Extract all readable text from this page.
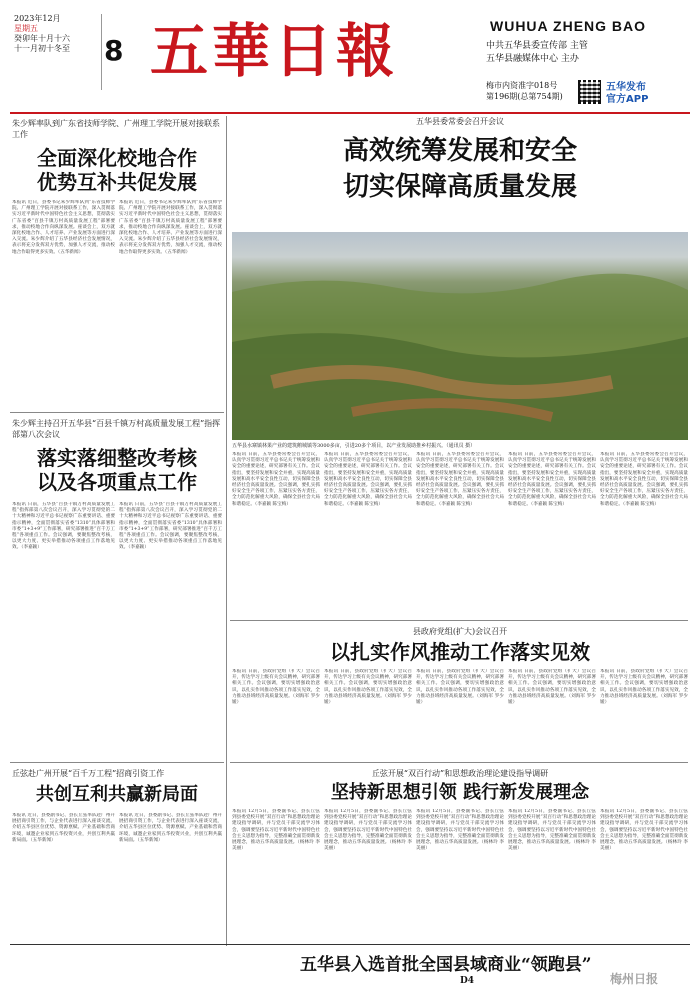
2023年12月
星期五
癸卯年十月十六
十一月初十冬至	8 五華日報	WUHUA ZHENG BAO
中共五华县委宣传部 主管
五华县融媒体中心 主办
梅市内资准字018号
第196期(总第754期)
五华发布
官方APP
朱少辉率队到广东省技师学院、广州理工学院开展对接联系工作
全面深化校地合作
优势互补共促发展
本报讯 近日，县委书记朱少辉率队到“东省技师学院、广州理工学院开展对接联系工作，深入贯彻落实习近平新时代中国特色社会主义思想，贯彻落实广东省委“百县千镇万村高质量发展工程”部署要求，推动校地合作向纵深发展。座谈会上，双方就深化校地合作、人才培养、产业发展等方面进行深入交流。朱少辉介绍了五华县经济社会发展情况，表示将充分发挥双方优势，加强人才交流，推动校地合作取得更多实效。（五华新闻）
本报讯 近日，县委书记朱少辉率队到“东省技师学院、广州理工学院开展对接联系工作，深入贯彻落实习近平新时代中国特色社会主义思想，贯彻落实广东省委“百县千镇万村高质量发展工程”部署要求，推动校地合作向纵深发展。座谈会上，双方就深化校地合作、人才培养、产业发展等方面进行深入交流。朱少辉介绍了五华县经济社会发展情况，表示将充分发挥双方优势，加强人才交流，推动校地合作取得更多实效。（五华新闻）
朱少辉主持召开五华县“百县千镇万村高质量发展工程”指挥部第八次会议
落实落细整改考核
以及各项重点工作
本报讯 日前，五华县“百县千镇万村高质量发展工程”指挥部第八次会议召开，深入学习贯彻党的二十大精神和习近平总书记视察广东重要讲话、重要指示精神，全面贯彻落实省委“1310”具体部署和市委“1+3+9”工作部署，研究部署推进“百千万工程”各项重点工作。会议强调，要聚焦整改考核，以更大力度、更实举措推动各项重点工作落地见效。（李嘉颖）
本报讯 日前，五华县“百县千镇万村高质量发展工程”指挥部第八次会议召开，深入学习贯彻党的二十大精神和习近平总书记视察广东重要讲话、重要指示精神，全面贯彻落实省委“1310”具体部署和市委“1+3+9”工作部署，研究部署推进“百千万工程”各项重点工作。会议强调，要聚焦整改考核，以更大力度、更实举措推动各项重点工作落地见效。（李嘉颖）
丘弦赴广州开展“百千万工程”招商引资工作
共创互利共赢新局面
本报讯 近日，县委副书记、县长丘弦率队赴广州开展招商引资工作，与企业代表进行深入座谈交流，介绍五华县区位优势、资源禀赋、产业基础和营商环境，诚邀企业家到五华投资兴业，共创互利共赢新局面。（五华新闻）
本报讯 近日，县委副书记、县长丘弦率队赴广州开展招商引资工作，与企业代表进行深入座谈交流，介绍五华县区位优势、资源禀赋、产业基础和营商环境，诚邀企业家到五华投资兴业，共创互利共赢新局面。（五华新闻）
五华县委常委会召开会议
高效统筹发展和安全
切实保障高质量发展
五华县水寨镇林果产业的建筑鹅城镇等3000多亩，引进20多个项目，以产业发展助推乡村振兴。（通讯员 摄）
本报讯 日前，五华县委常委会召开会议，认真学习贯彻习近平总书记关于统筹发展和安全的重要论述，研究部署有关工作。会议指出，要坚持发展和安全并重，实现高质量发展和高水平安全良性互动，切实保障全县经济社会高质量发展。会议强调，要扎实抓好安全生产各项工作，压紧压实各方责任，全力防范化解重大风险，确保全县社会大局和谐稳定。（李嘉颖 陈宝梅）
本报讯 日前，五华县委常委会召开会议，认真学习贯彻习近平总书记关于统筹发展和安全的重要论述，研究部署有关工作。会议指出，要坚持发展和安全并重，实现高质量发展和高水平安全良性互动，切实保障全县经济社会高质量发展。会议强调，要扎实抓好安全生产各项工作，压紧压实各方责任，全力防范化解重大风险，确保全县社会大局和谐稳定。（李嘉颖 陈宝梅）
本报讯 日前，五华县委常委会召开会议，认真学习贯彻习近平总书记关于统筹发展和安全的重要论述，研究部署有关工作。会议指出，要坚持发展和安全并重，实现高质量发展和高水平安全良性互动，切实保障全县经济社会高质量发展。会议强调，要扎实抓好安全生产各项工作，压紧压实各方责任，全力防范化解重大风险，确保全县社会大局和谐稳定。（李嘉颖 陈宝梅）
本报讯 日前，五华县委常委会召开会议，认真学习贯彻习近平总书记关于统筹发展和安全的重要论述，研究部署有关工作。会议指出，要坚持发展和安全并重，实现高质量发展和高水平安全良性互动，切实保障全县经济社会高质量发展。会议强调，要扎实抓好安全生产各项工作，压紧压实各方责任，全力防范化解重大风险，确保全县社会大局和谐稳定。（李嘉颖 陈宝梅）
本报讯 日前，五华县委常委会召开会议，认真学习贯彻习近平总书记关于统筹发展和安全的重要论述，研究部署有关工作。会议指出，要坚持发展和安全并重，实现高质量发展和高水平安全良性互动，切实保障全县经济社会高质量发展。会议强调，要扎实抓好安全生产各项工作，压紧压实各方责任，全力防范化解重大风险，确保全县社会大局和谐稳定。（李嘉颖 陈宝梅）
县政府党组(扩大)会议召开
以扎实作风推动工作落实见效
本报讯 日前，县政府党组（扩大）会议召开，传达学习上级有关会议精神，研究部署相关工作。会议强调，要切实增强政治意识，以扎实作风推动各项工作落实见效，全力推动县域经济高质量发展。（刘海军 罗少媛）
本报讯 日前，县政府党组（扩大）会议召开，传达学习上级有关会议精神，研究部署相关工作。会议强调，要切实增强政治意识，以扎实作风推动各项工作落实见效，全力推动县域经济高质量发展。（刘海军 罗少媛）
本报讯 日前，县政府党组（扩大）会议召开，传达学习上级有关会议精神，研究部署相关工作。会议强调，要切实增强政治意识，以扎实作风推动各项工作落实见效，全力推动县域经济高质量发展。（刘海军 罗少媛）
本报讯 日前，县政府党组（扩大）会议召开，传达学习上级有关会议精神，研究部署相关工作。会议强调，要切实增强政治意识，以扎实作风推动各项工作落实见效，全力推动县域经济高质量发展。（刘海军 罗少媛）
本报讯 日前，县政府党组（扩大）会议召开，传达学习上级有关会议精神，研究部署相关工作。会议强调，要切实增强政治意识，以扎实作风推动各项工作落实见效，全力推动县域经济高质量发展。（刘海军 罗少媛）
丘弦开展“双百行动”和思想政治理论建设指导调研
坚持新思想引领 践行新发展理念
本报讯 12月5日，县委副书记、县长丘弦到县委党校开展“双百行动”和思想政治理论建设指导调研，并与党员干部交流学习体会，强调要坚持以习近平新时代中国特色社会主义思想为指导，完整准确全面贯彻新发展理念，推动五华高质量发展。（杨林玲 李美丽）
本报讯 12月5日，县委副书记、县长丘弦到县委党校开展“双百行动”和思想政治理论建设指导调研，并与党员干部交流学习体会，强调要坚持以习近平新时代中国特色社会主义思想为指导，完整准确全面贯彻新发展理念，推动五华高质量发展。（杨林玲 李美丽）
本报讯 12月5日，县委副书记、县长丘弦到县委党校开展“双百行动”和思想政治理论建设指导调研，并与党员干部交流学习体会，强调要坚持以习近平新时代中国特色社会主义思想为指导，完整准确全面贯彻新发展理念，推动五华高质量发展。（杨林玲 李美丽）
本报讯 12月5日，县委副书记、县长丘弦到县委党校开展“双百行动”和思想政治理论建设指导调研，并与党员干部交流学习体会，强调要坚持以习近平新时代中国特色社会主义思想为指导，完整准确全面贯彻新发展理念，推动五华高质量发展。（杨林玲 李美丽）
本报讯 12月5日，县委副书记、县长丘弦到县委党校开展“双百行动”和思想政治理论建设指导调研，并与党员干部交流学习体会，强调要坚持以习近平新时代中国特色社会主义思想为指导，完整准确全面贯彻新发展理念，推动五华高质量发展。（杨林玲 李美丽）
五华县入选首批全国县域商业“领跑县”
D4	梅州日报
